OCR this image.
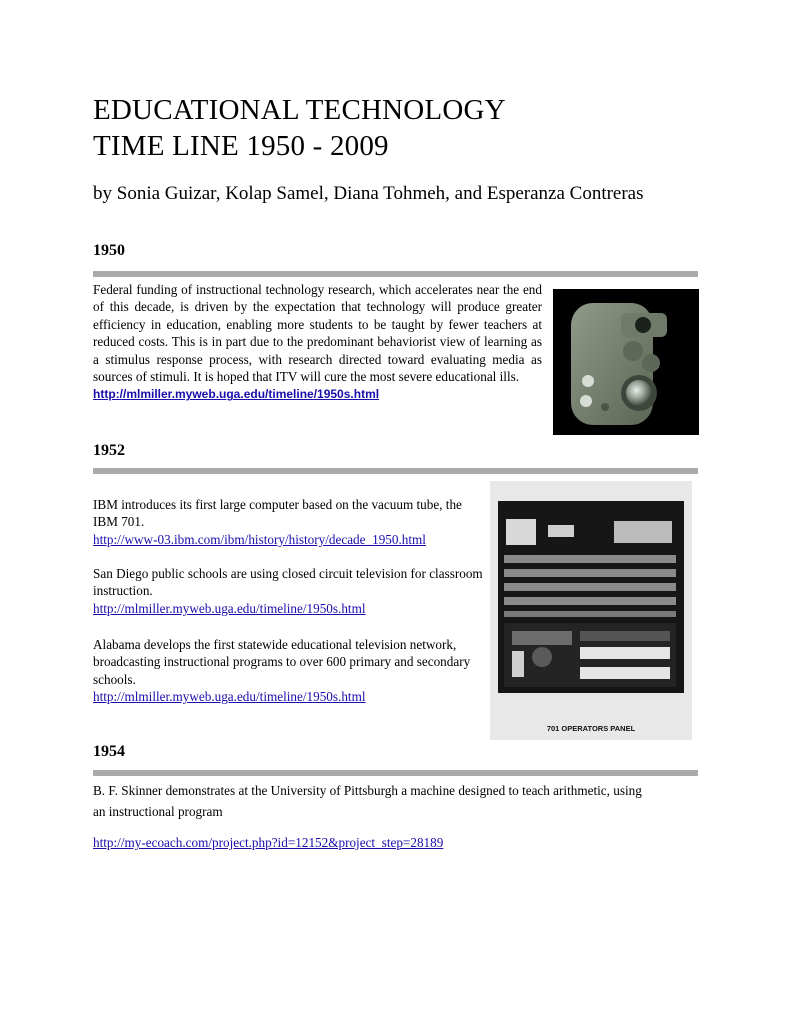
EDUCATIONAL TECHNOLOGY
TIME LINE 1950 - 2009
by Sonia Guizar, Kolap Samel, Diana Tohmeh, and Esperanza Contreras
1950
Federal funding of instructional technology research, which accelerates near the end of this decade, is driven by the expectation that technology will produce greater efficiency in education, enabling more students to be taught by fewer teachers at reduced costs. This is in part due to the predominant behaviorist view of learning as a stimulus response process, with research directed toward evaluating media as sources of stimuli. It is hoped that ITV will cure the most severe educational ills.
http://mlmiller.myweb.uga.edu/timeline/1950s.html
1952
IBM introduces its first large computer based on the vacuum tube, the IBM 701.
http://www-03.ibm.com/ibm/history/history/decade_1950.html
San Diego public schools are using closed circuit television for classroom instruction.
http://mlmiller.myweb.uga.edu/timeline/1950s.html
Alabama develops the first statewide educational television network, broadcasting instructional programs to over 600 primary and secondary schools.
http://mlmiller.myweb.uga.edu/timeline/1950s.html
701 OPERATORS PANEL
1954
B. F. Skinner demonstrates at the University of Pittsburgh a machine designed to teach arithmetic, using an instructional program
http://my-ecoach.com/project.php?id=12152&project_step=28189
